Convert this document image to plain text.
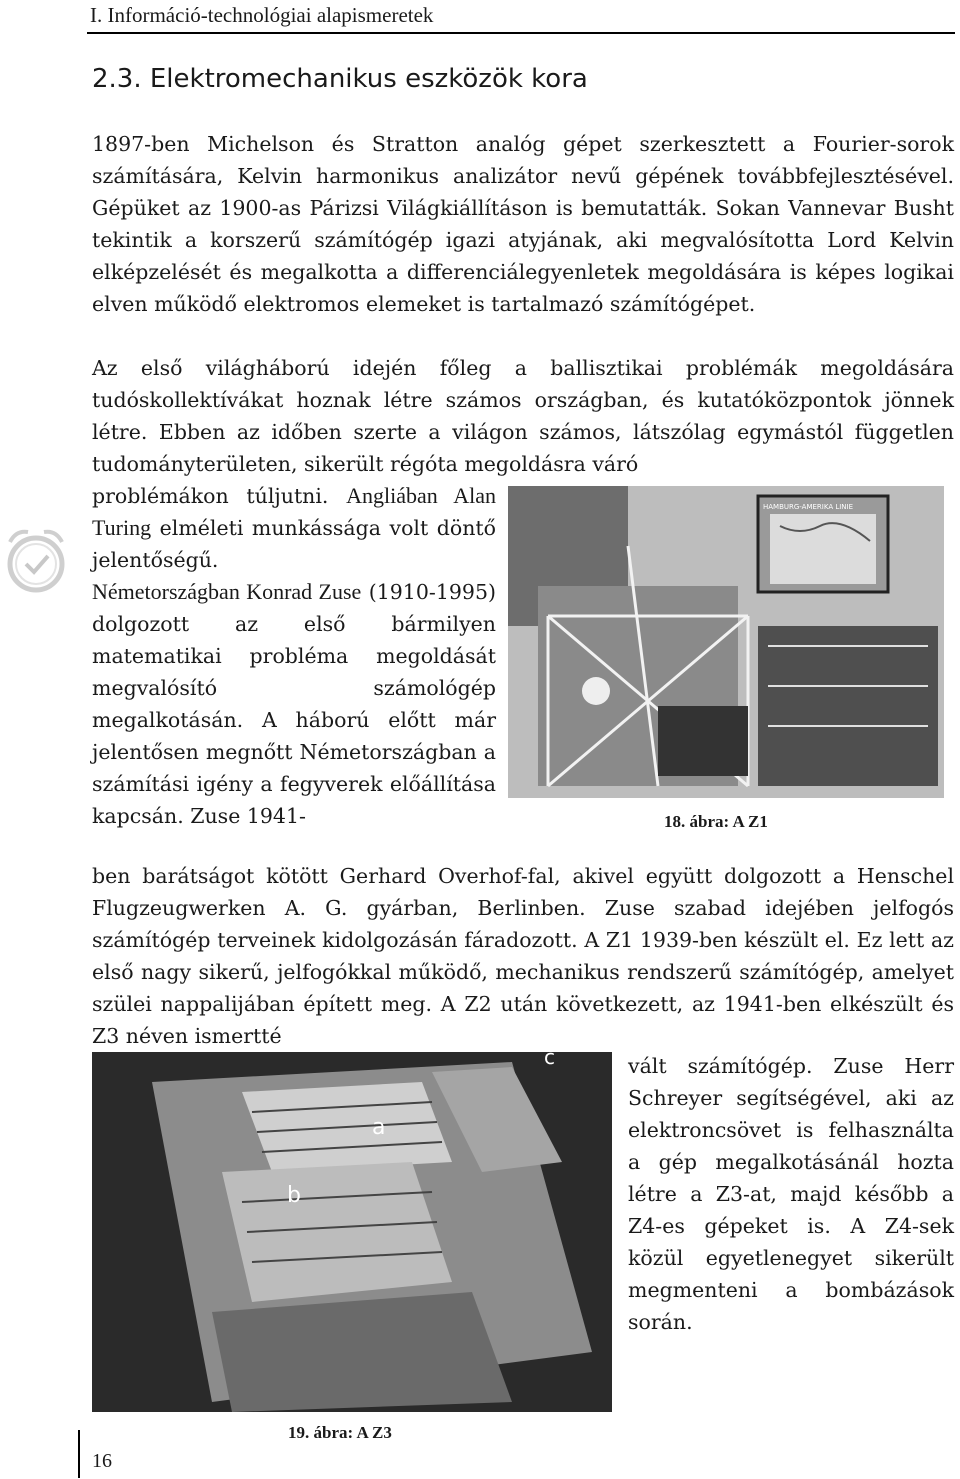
I. Információ-technológiai alapismeretek
2.3. Elektromechanikus eszközök kora

1897-ben Michelson és Stratton analóg gépet szerkesztett a Fourier-sorok számítására, Kelvin harmonikus analizátor nevű gépének továbbfejlesztésével. Gépüket az 1900-as Párizsi Világkiállításon is bemutatták. Sokan Vannevar Busht tekintik a korszerű számítógép igazi atyjának, aki megvalósította Lord Kelvin elképzelését és megalkotta a differenciálegyenletek megoldására is képes logikai elven működő elektromos elemeket is tartalmazó számítógépet.

Az első világháború idején főleg a ballisztikai problémák megoldására tudóskollektívákat hoznak létre számos országban, és kutatóközpontok jönnek létre. Ebben az időben szerte a világon számos, látszólag egymástól független tudományterületen, sikerült régóta megoldásra váró

problémákon túljutni. Angliában Alan Turing elméleti munkássága volt döntő jelentőségű.

Németországban Konrad Zuse (1910-1995) dolgozott az első bármilyen matematikai probléma megoldását megvalósító számológép megalkotásán. A háború előtt már jelentősen megnőtt Németországban a számítási igény a fegyverek előállítása kapcsán. Zuse 1941-

HAMBURG-AMERIKA LINIE
18. ábra: A Z1

ben barátságot kötött Gerhard Overhof-fal, akivel együtt dolgozott a Henschel Flugzeugwerken A. G. gyárban, Berlinben. Zuse szabad idejében jelfogós számítógép terveinek kidolgozásán fáradozott. A Z1 1939-ben készült el. Ez lett az első nagy sikerű, jelfogókkal működő, mechanikus rendszerű számítógép, amelyet szülei nappalijában épített meg. A Z2 után következett, az 1941-ben elkészült és Z3 néven ismertté

a
b
c
19. ábra: A Z3

vált számítógép. Zuse Herr Schreyer segítségével, aki az elektroncsövet is felhasználta a gép megalkotásánál hozta létre a Z3-at, majd később a Z4-es gépeket is. A Z4-sek közül egyetlenegyet sikerült megmenteni a bombázások során.

16
